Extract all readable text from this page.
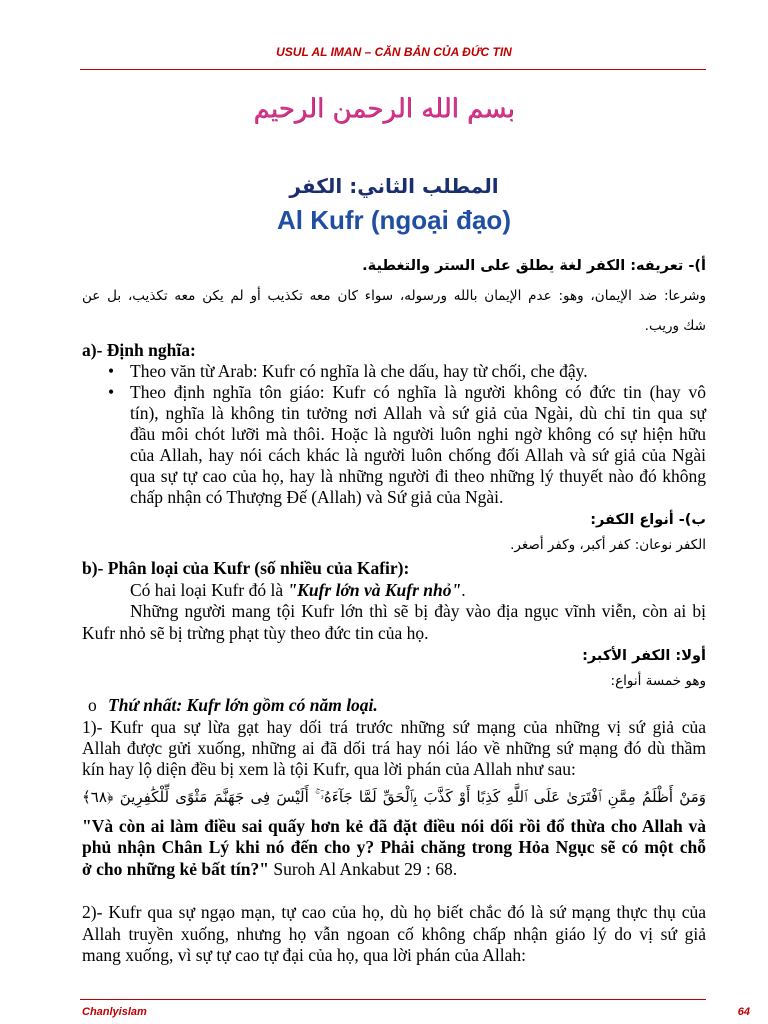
USUL AL IMAN – CĂN BẢN CỦA ĐỨC TIN
بسم الله الرحمن الرحيم
المطلب الثاني: الكفر
Al Kufr (ngoại đạo)
أ)- تعريفه: الكفر لغة يطلق على الستر والتغطية.
وشرعا: ضد الإيمان، وهو: عدم الإيمان بالله ورسوله، سواء كان معه تكذيب أو لم يكن معه تكذيب، بل عن
شك وريب.
a)- Định nghĩa:
• Theo văn từ Arab: Kufr có nghĩa là che dấu, hay từ chối, che đậy.
• Theo định nghĩa tôn giáo: Kufr có nghĩa là người không có đức tin (hay vô
tín), nghĩa là không tin tưởng nơi Allah và sứ giả của Ngài, dù chỉ tin qua sự
đầu môi chót lưỡi mà thôi. Hoặc là người luôn nghi ngờ không có sự hiện hữu
của Allah, hay nói cách khác là người luôn chống đối Allah và sứ giả của Ngài
qua sự tự cao của họ, hay là những người đi theo những lý thuyết nào đó không
chấp nhận có Thượng Đế (Allah) và Sứ giả của Ngài.
ب)- أنواع الكفر:
الكفر نوعان: كفر أكبر، وكفر أصغر.
b)- Phân loại của Kufr (số nhiều của Kafir):
Có hai loại Kufr đó là "Kufr lớn và Kufr nhỏ".
Những người mang tội Kufr lớn thì sẽ bị đày vào địa ngục vĩnh viễn, còn ai bị
Kufr nhỏ sẽ bị trừng phạt tùy theo đức tin của họ.
أولا: الكفر الأكبر:
وهو خمسة أنواع:
o Thứ nhất: Kufr lớn gồm có năm loại.
1)- Kufr qua sự lừa gạt hay dối trá trước những sứ mạng của những vị sứ giả của
Allah được gửi xuống, những ai đã dối trá hay nói láo về những sứ mạng đó dù thầm
kín hay lộ diện đều bị xem là tội Kufr, qua lời phán của Allah như sau:
وَمَنْ أَظْلَمُ مِمَّنِ ٱفْتَرَىٰ عَلَى ٱللَّهِ كَذِبًا أَوْ كَذَّبَ بِٱلْحَقِّ لَمَّا جَآءَهُۥٓ ۚ أَلَيْسَ فِى جَهَنَّمَ مَثْوًى لِّلْكَٰفِرِينَ ﴿٦٨﴾
"Và còn ai làm điều sai quấy hơn kẻ đã đặt điều nói dối rồi đổ thừa cho Allah và
phủ nhận Chân Lý khi nó đến cho y? Phải chăng trong Hỏa Ngục sẽ có một chỗ
ở cho những kẻ bất tín?" Suroh Al Ankabut 29 : 68.
2)- Kufr qua sự ngạo mạn, tự cao của họ, dù họ biết chắc đó là sứ mạng thực thụ của
Allah truyền xuống, nhưng họ vẫn ngoan cố không chấp nhận giáo lý do vị sứ giả
mang xuống, vì sự tự cao tự đại của họ, qua lời phán của Allah:
Chanlyislam	64
